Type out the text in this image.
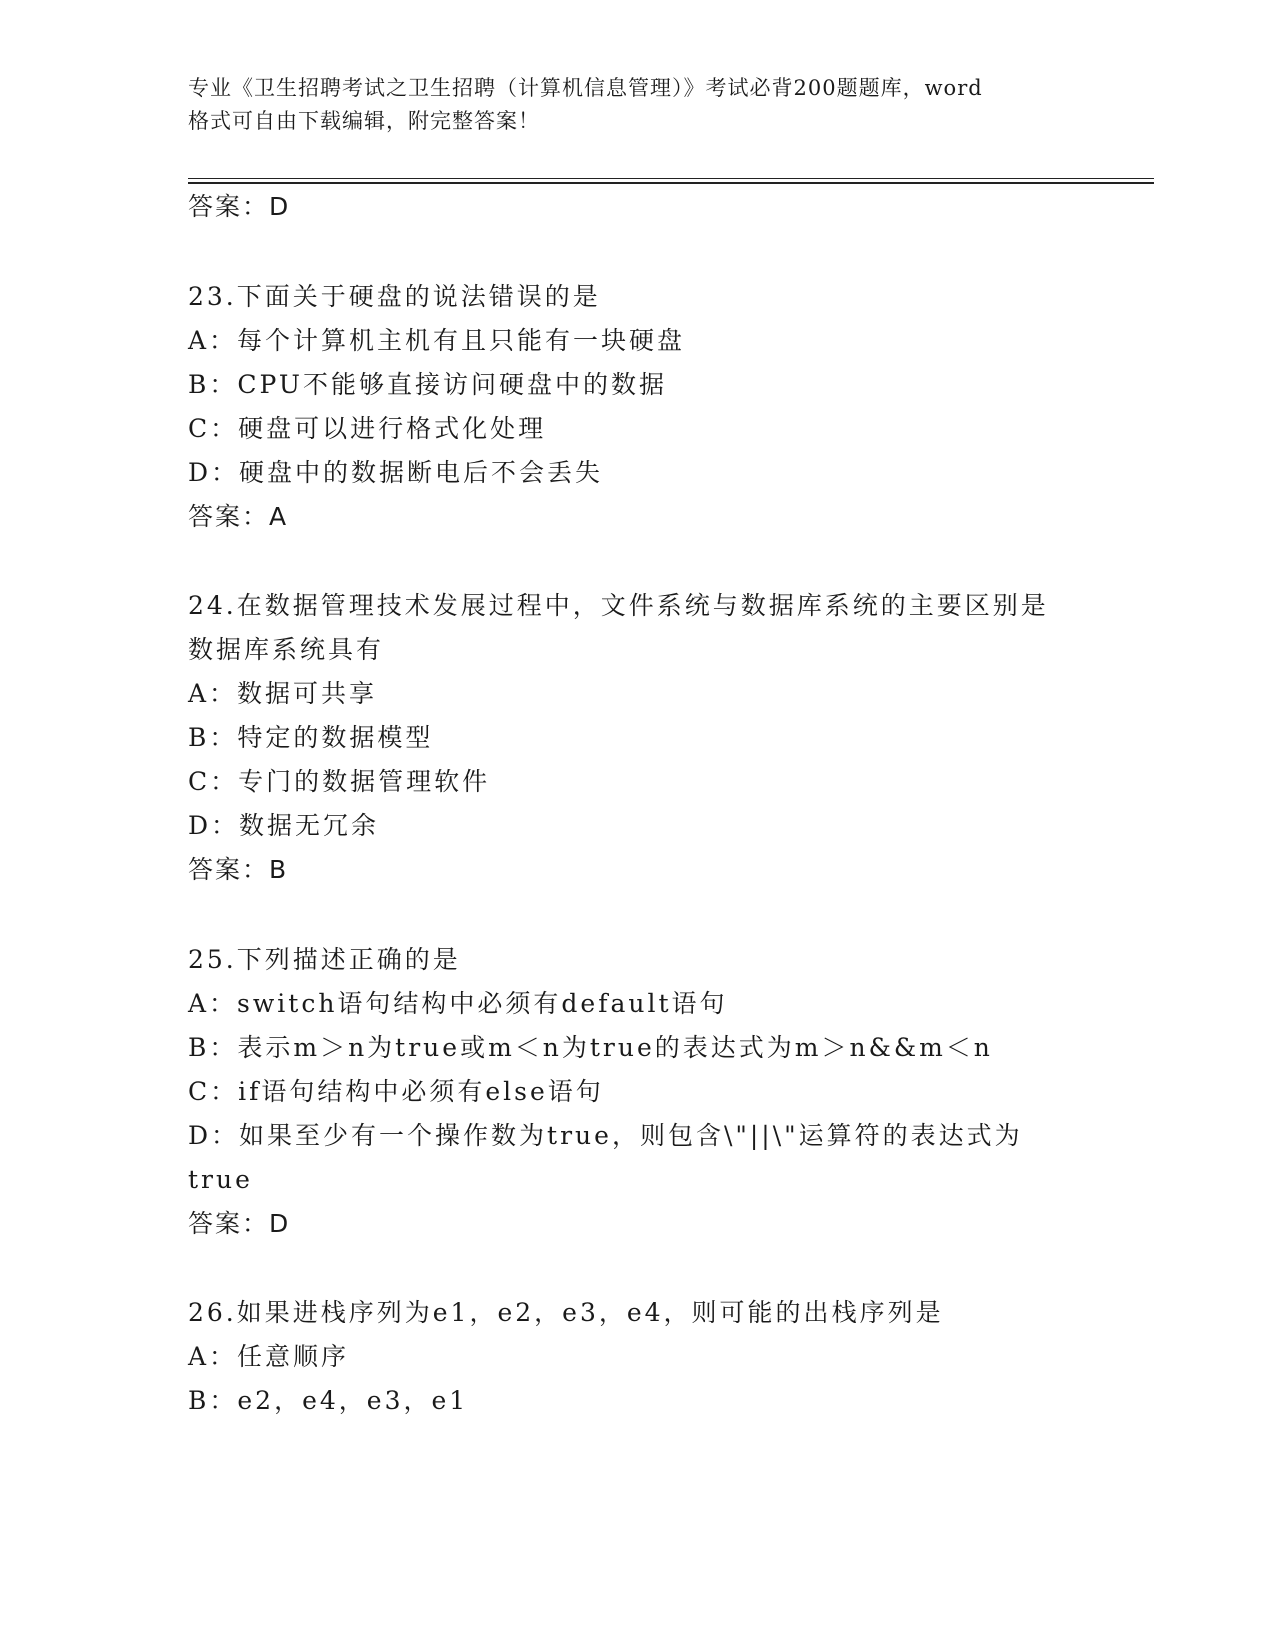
专业《卫生招聘考试之卫生招聘（计算机信息管理）》考试必背200题题库，word
格式可自由下载编辑，附完整答案！
答案：D
23.下面关于硬盘的说法错误的是
A：每个计算机主机有且只能有一块硬盘
B：CPU不能够直接访问硬盘中的数据
C：硬盘可以进行格式化处理
D：硬盘中的数据断电后不会丢失
答案：A
24.在数据管理技术发展过程中，文件系统与数据库系统的主要区别是
数据库系统具有
A：数据可共享
B：特定的数据模型
C：专门的数据管理软件
D：数据无冗余
答案：B
25.下列描述正确的是
A：switch语句结构中必须有default语句
B：表示m＞n为true或m＜n为true的表达式为m＞n&&m＜n
C：if语句结构中必须有else语句
D：如果至少有一个操作数为true，则包含\"||\"运算符的表达式为
true
答案：D
26.如果进栈序列为e1，e2，e3，e4，则可能的出栈序列是
A：任意顺序
B：e2，e4，e3，e1
